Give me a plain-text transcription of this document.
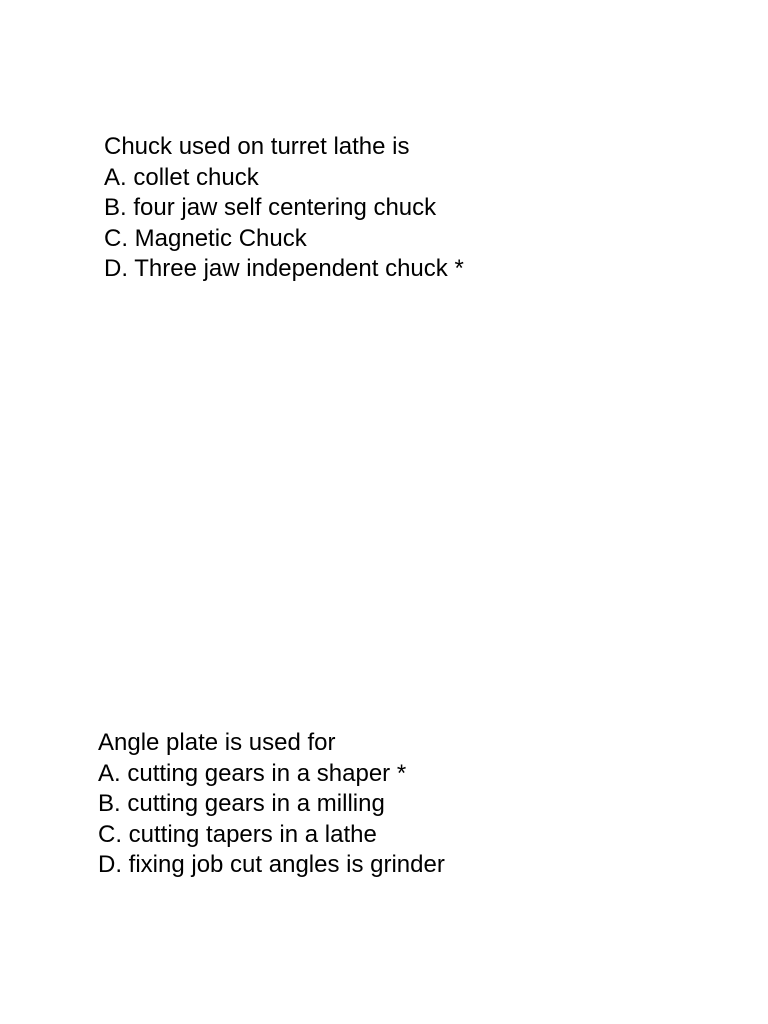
Chuck used on turret lathe is
A. collet chuck
B. four jaw self centering chuck
C. Magnetic Chuck
D. Three jaw independent chuck *
Angle plate is used for
A. cutting gears in a shaper *
B. cutting gears in a milling
C. cutting tapers in a lathe
D. fixing job cut angles is grinder
